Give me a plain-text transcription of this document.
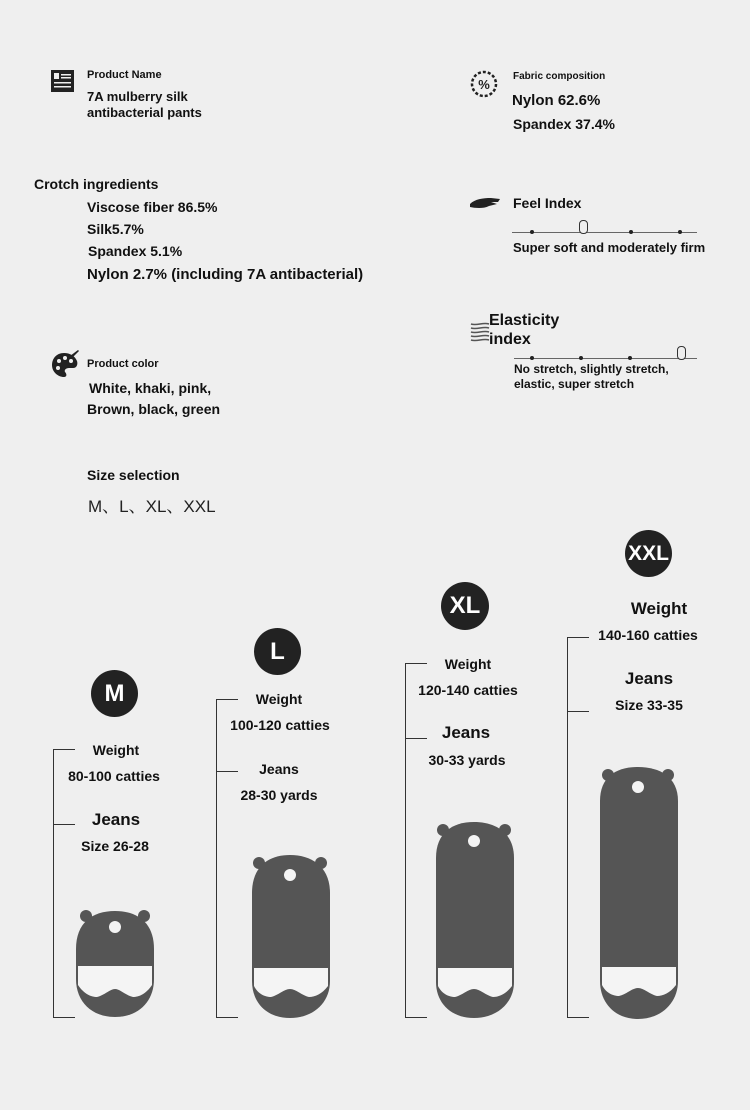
Product Name
7A mulberry silk
antibacterial pants
%
Fabric composition
Nylon 62.6%
Spandex 37.4%
Crotch ingredients
Viscose fiber 86.5%
Silk5.7%
Spandex 5.1%
Nylon 2.7% (including 7A antibacterial)
Feel Index
Super soft and moderately firm
Elasticity
index
No stretch, slightly stretch,
elastic, super stretch
Product color
White, khaki, pink,
Brown, black, green
Size selection
M、L、XL、XXL
M
Weight
80-100 catties
Jeans
Size 26-28
L
Weight
100-120 catties
Jeans
28-30 yards
XL
Weight
120-140 catties
Jeans
30-33 yards
XXL
Weight
140-160 catties
Jeans
Size 33-35
